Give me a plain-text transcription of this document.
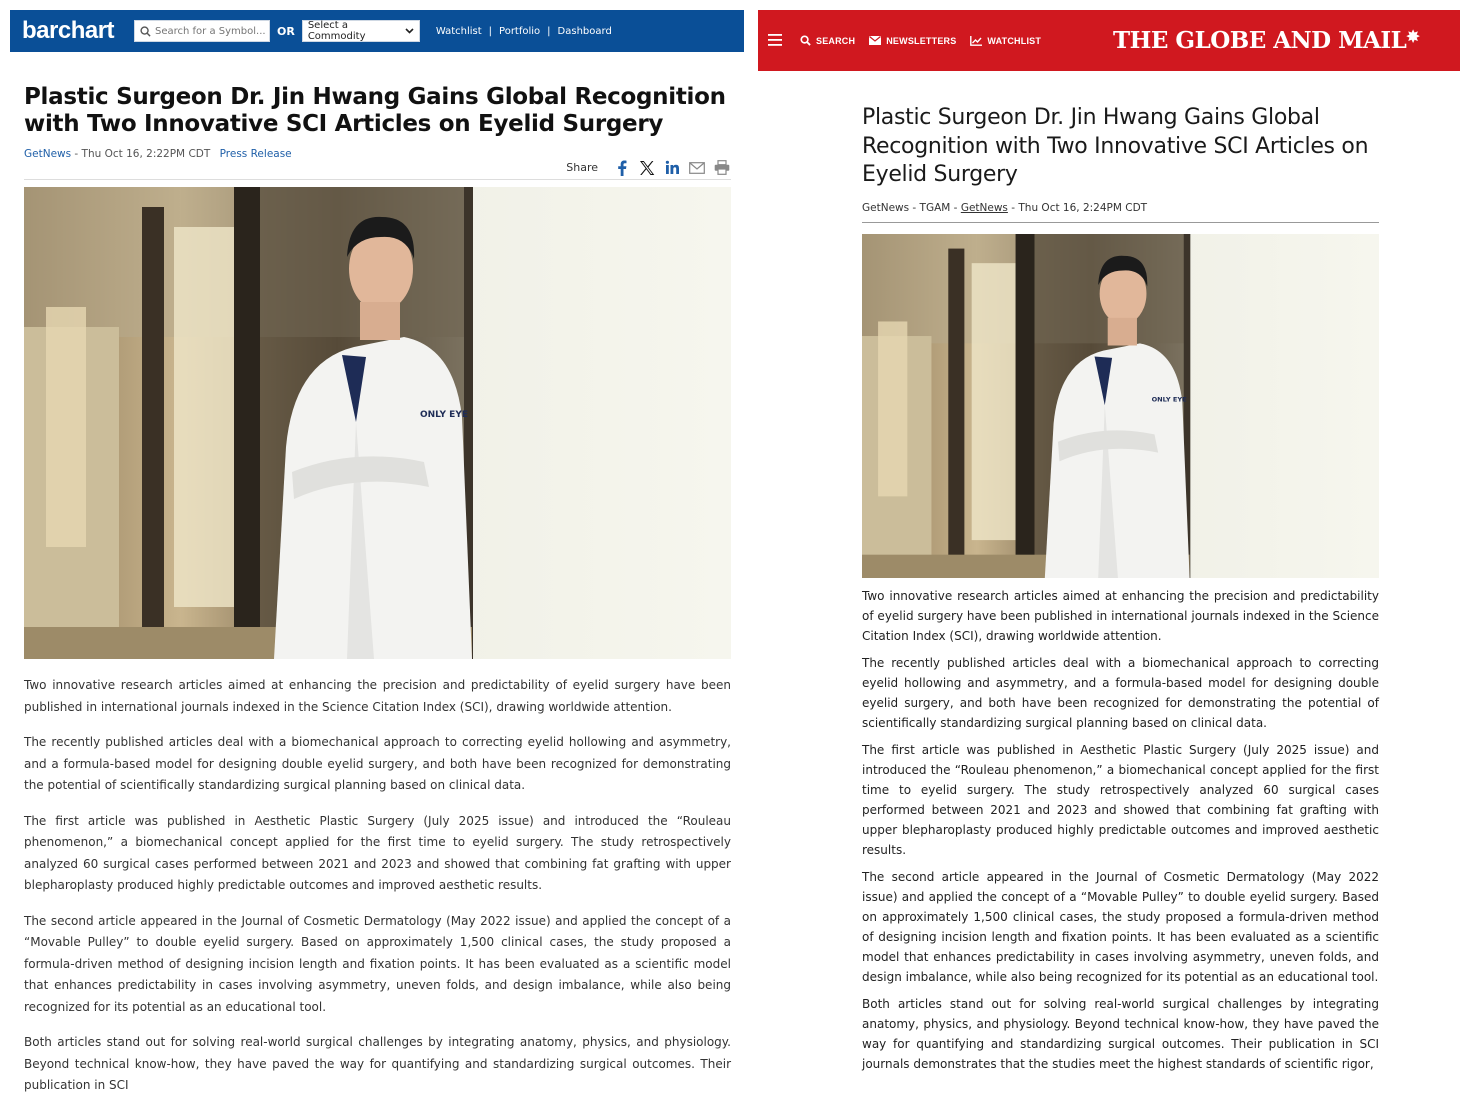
barchart
Search for a Symbol...	OR Select a Commodity	Watchlist | Portfolio | Dashboard
Plastic Surgeon Dr. Jin Hwang Gains Global Recognition with Two Innovative SCI Articles on Eyelid Surgery
GetNews - Thu Oct 16, 2:22PM CDT Press Release
Share
ONLY EYE

Two innovative research articles aimed at enhancing the precision and predictability of eyelid surgery have been published in international journals indexed in the Science Citation Index (SCI), drawing worldwide attention.

The recently published articles deal with a biomechanical approach to correcting eyelid hollowing and asymmetry, and a formula-based model for designing double eyelid surgery, and both have been recognized for demonstrating the potential of scientifically standardizing surgical planning based on clinical data.

The first article was published in Aesthetic Plastic Surgery (July 2025 issue) and introduced the “Rouleau phenomenon,” a biomechanical concept applied for the first time to eyelid surgery. The study retrospectively analyzed 60 surgical cases performed between 2021 and 2023 and showed that combining fat grafting with upper blepharoplasty produced highly predictable outcomes and improved aesthetic results.

The second article appeared in the Journal of Cosmetic Dermatology (May 2022 issue) and applied the concept of a “Movable Pulley” to double eyelid surgery. Based on approximately 1,500 clinical cases, the study proposed a formula-driven method of designing incision length and fixation points. It has been evaluated as a scientific model that enhances predictability in cases involving asymmetry, uneven folds, and design imbalance, while also being recognized for its potential as an educational tool.

Both articles stand out for solving real-world surgical challenges by integrating anatomy, physics, and physiology. Beyond technical know-how, they have paved the way for quantifying and standardizing surgical outcomes. Their publication in SCI

SEARCH	NEWSLETTERS	WATCHLIST	THE GLOBE AND MAIL✸
Plastic Surgeon Dr. Jin Hwang Gains Global Recognition with Two Innovative SCI Articles on Eyelid Surgery
GetNews - TGAM - GetNews - Thu Oct 16, 2:24PM CDT
ONLY EYE

Two innovative research articles aimed at enhancing the precision and predictability of eyelid surgery have been published in international journals indexed in the Science Citation Index (SCI), drawing worldwide attention.

The recently published articles deal with a biomechanical approach to correcting eyelid hollowing and asymmetry, and a formula-based model for designing double eyelid surgery, and both have been recognized for demonstrating the potential of scientifically standardizing surgical planning based on clinical data.

The first article was published in Aesthetic Plastic Surgery (July 2025 issue) and introduced the “Rouleau phenomenon,” a biomechanical concept applied for the first time to eyelid surgery. The study retrospectively analyzed 60 surgical cases performed between 2021 and 2023 and showed that combining fat grafting with upper blepharoplasty produced highly predictable outcomes and improved aesthetic results.

The second article appeared in the Journal of Cosmetic Dermatology (May 2022 issue) and applied the concept of a “Movable Pulley” to double eyelid surgery. Based on approximately 1,500 clinical cases, the study proposed a formula-driven method of designing incision length and fixation points. It has been evaluated as a scientific model that enhances predictability in cases involving asymmetry, uneven folds, and design imbalance, while also being recognized for its potential as an educational tool.

Both articles stand out for solving real-world surgical challenges by integrating anatomy, physics, and physiology. Beyond technical know-how, they have paved the way for quantifying and standardizing surgical outcomes. Their publication in SCI journals demonstrates that the studies meet the highest standards of scientific rigor,
